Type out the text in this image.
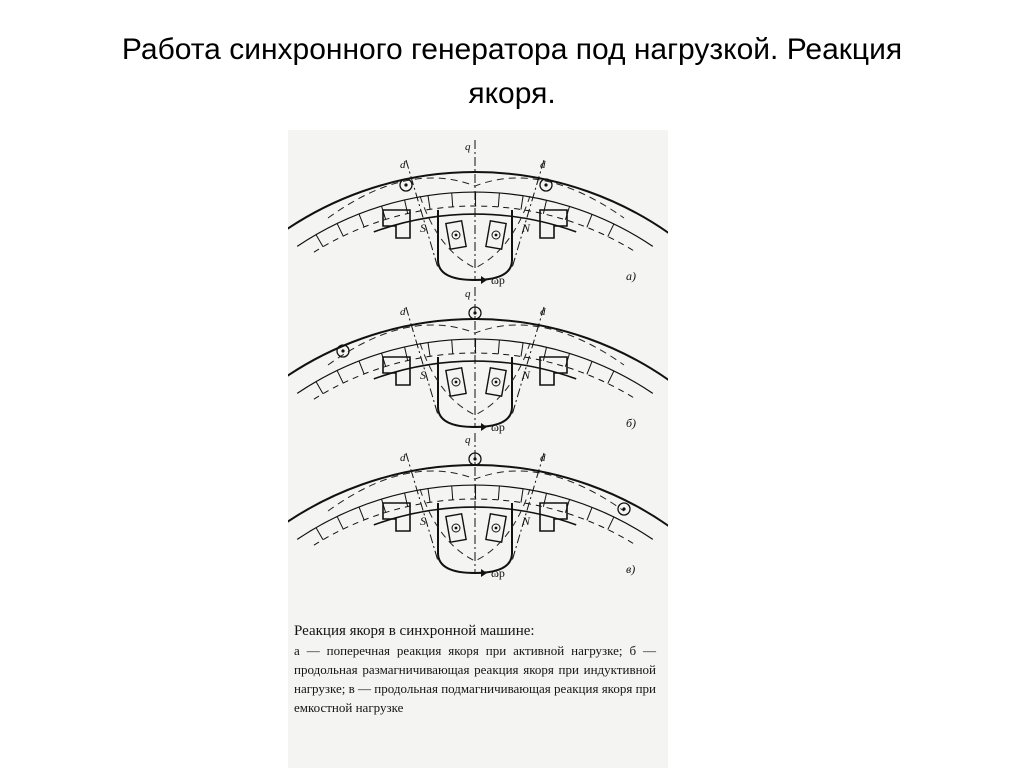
Работа синхронного генератора под нагрузкой. Реакция
якоря.
q
d	d
S	N
ωр	а)
q
d	d
S	N
ωр	б)
q
d	d
S	N
ωр	в)
Реакция якоря в синхронной машине:
а — поперечная реакция якоря при активной нагрузке; б — продольная размагничивающая реакция якоря при индуктивной нагрузке; в — продольная подмагничивающая реакция якоря при емкостной нагрузке
